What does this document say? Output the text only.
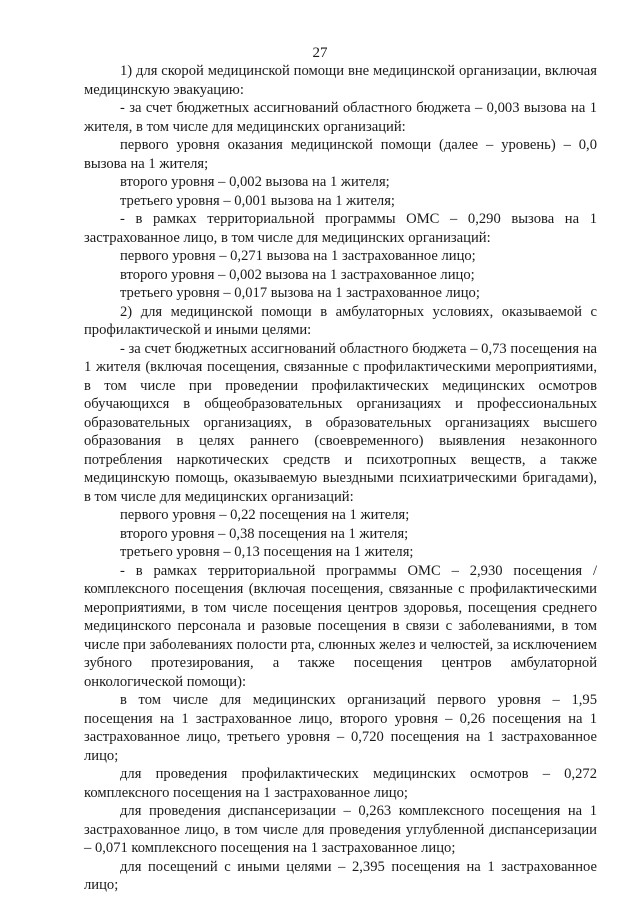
27

1) для скорой медицинской помощи вне медицинской организации, включая медицинскую эвакуацию:

- за счет бюджетных ассигнований областного бюджета – 0,003 вызова на 1 жителя, в том числе для медицинских организаций:

первого уровня оказания медицинской помощи (далее – уровень) – 0,0 вызова на 1 жителя;

второго уровня – 0,002 вызова на 1 жителя;

третьего уровня – 0,001 вызова на 1 жителя;

- в рамках территориальной программы ОМС – 0,290 вызова на 1 застрахованное лицо, в том числе для медицинских организаций:

первого уровня – 0,271 вызова на 1 застрахованное лицо;

второго уровня – 0,002 вызова на 1 застрахованное лицо;

третьего уровня – 0,017 вызова на 1 застрахованное лицо;

2) для медицинской помощи в амбулаторных условиях, оказываемой с профилактической и иными целями:

- за счет бюджетных ассигнований областного бюджета – 0,73 посещения на 1 жителя (включая посещения, связанные с профилактическими мероприятиями, в том числе при проведении профилактических медицинских осмотров обучающихся в общеобразовательных организациях и профессиональных образовательных организациях, в образовательных организациях высшего образования в целях раннего (своевременного) выявления незаконного потребления наркотических средств и психотропных веществ, а также медицинскую помощь, оказываемую выездными психиатрическими бригадами), в том числе для медицинских организаций:

первого уровня – 0,22 посещения на 1 жителя;

второго уровня – 0,38 посещения на 1 жителя;

третьего уровня – 0,13 посещения на 1 жителя;

- в рамках территориальной программы ОМС – 2,930 посещения / комплексного посещения (включая посещения, связанные с профилактическими мероприятиями, в том числе посещения центров здоровья, посещения среднего медицинского персонала и разовые посещения в связи с заболеваниями, в том числе при заболеваниях полости рта, слюнных желез и челюстей, за исключением зубного протезирования, а также посещения центров амбулаторной онкологической помощи):

в том числе для медицинских организаций первого уровня – 1,95 посещения на 1 застрахованное лицо, второго уровня – 0,26 посещения на 1 застрахованное лицо, третьего уровня – 0,720 посещения на 1 застрахованное лицо;

для проведения профилактических медицинских осмотров – 0,272 комплексного посещения на 1 застрахованное лицо;

для проведения диспансеризации – 0,263 комплексного посещения на 1 застрахованное лицо, в том числе для проведения углубленной диспансеризации – 0,071 комплексного посещения на 1 застрахованное лицо;

для посещений с иными целями – 2,395 посещения на 1 застрахованное лицо;
